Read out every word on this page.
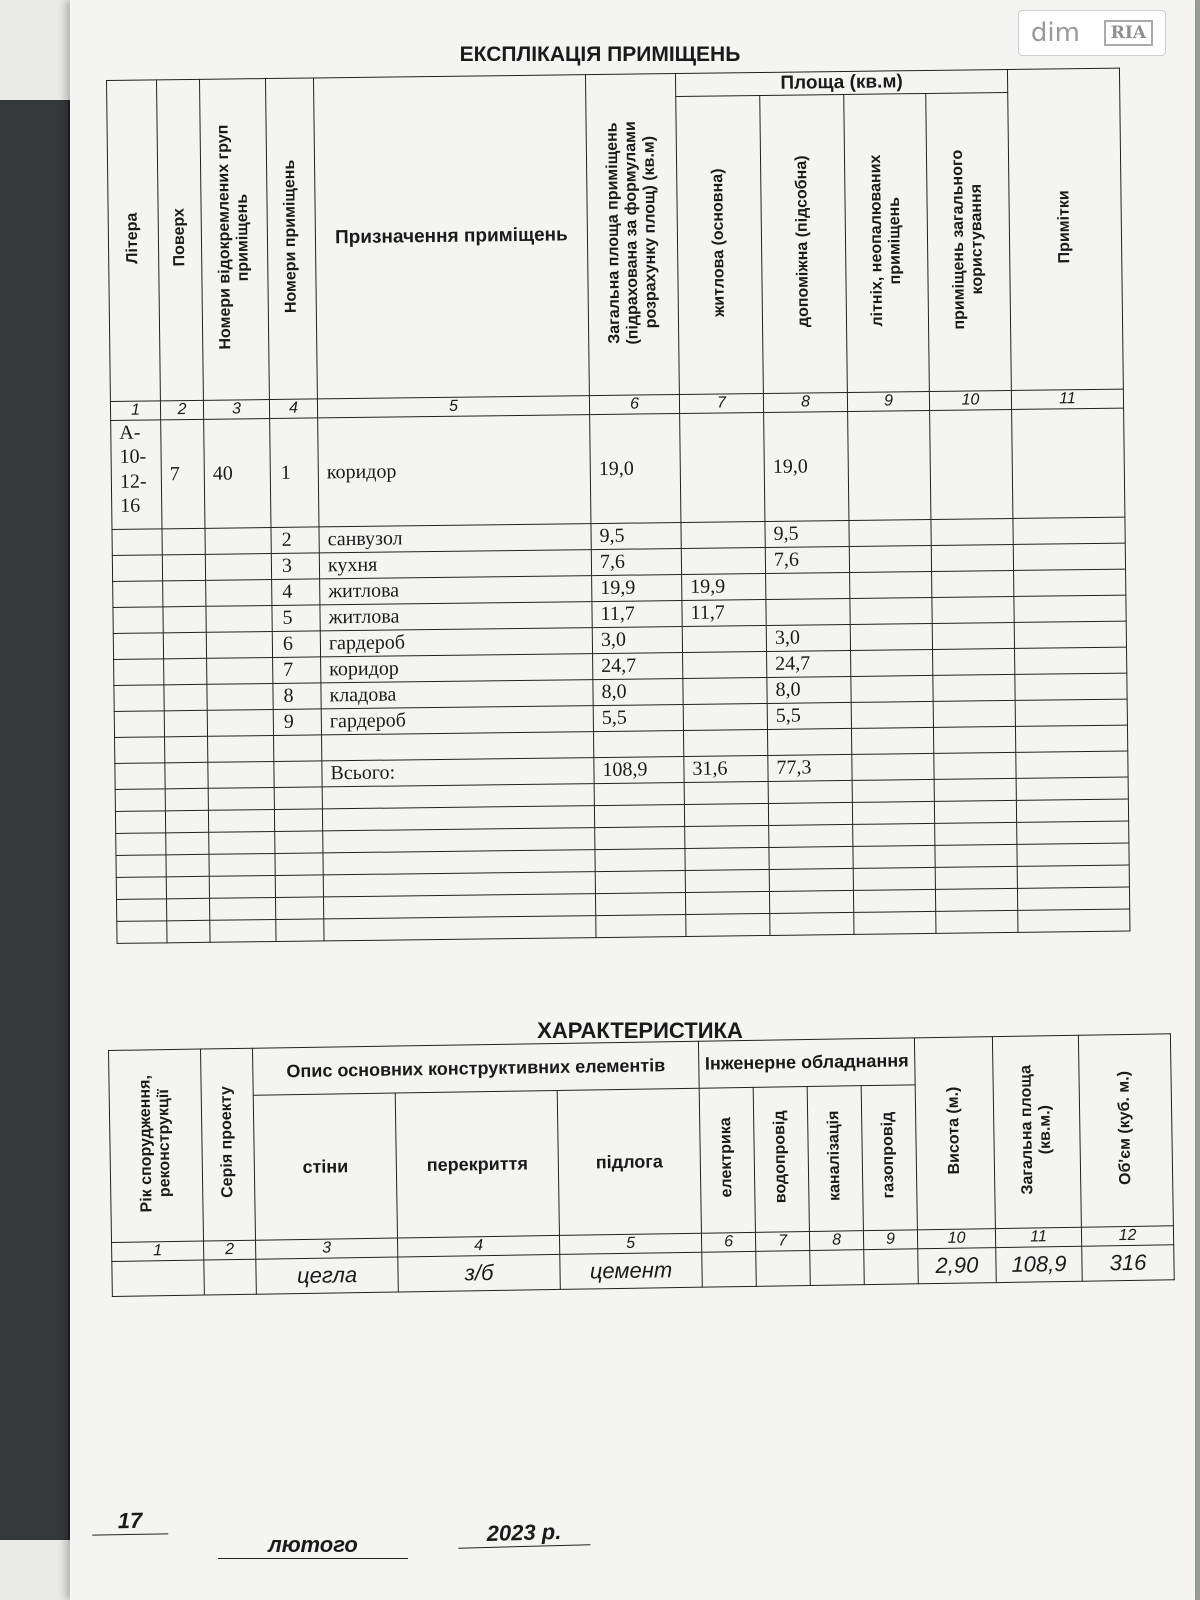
dim	RIA
ЕКСПЛІКАЦІЯ ПРИМІЩЕНЬ
Літера	Поверх	Номери відокремлених груп приміщень	Номери приміщень	Призначення приміщень	Загальна площа приміщень (підрахована за формулами розрахунку площ) (кв.м)	Площа (кв.м)				Примітки
						житлова (основна)	допоміжна (підсобна)	літніх, неопалюваних приміщень	приміщень загального користування	
1	2	3	4	5	6	7	8	9	10	11
А-
10-
12-
16	7	40	1	коридор	19,0		19,0			
			2	санвузол	9,5		9,5			
			3	кухня	7,6		7,6			
			4	житлова	19,9	19,9				
			5	житлова	11,7	11,7				
			6	гардероб	3,0		3,0			
			7	коридор	24,7		24,7			
			8	кладова	8,0		8,0			
			9	гардероб	5,5		5,5			

				Всього:	108,9	31,6	77,3			

ХАРАКТЕРИСТИКА
Рік спорудження, реконструкції	Серія проекту	Опис основних конструктивних елементів			Інженерне обладнання				Висота (м.)	Загальна площа (кв.м.)	Об'єм (куб. м.)
		стіни	перекриття	підлога	електрика	водопровід	каналізація	газопровід			
1	2	3	4	5	6	7	8	9	10	11	12
		цегла	з/б	цемент					2,90	108,9	316
17
лютого	2023 р.
